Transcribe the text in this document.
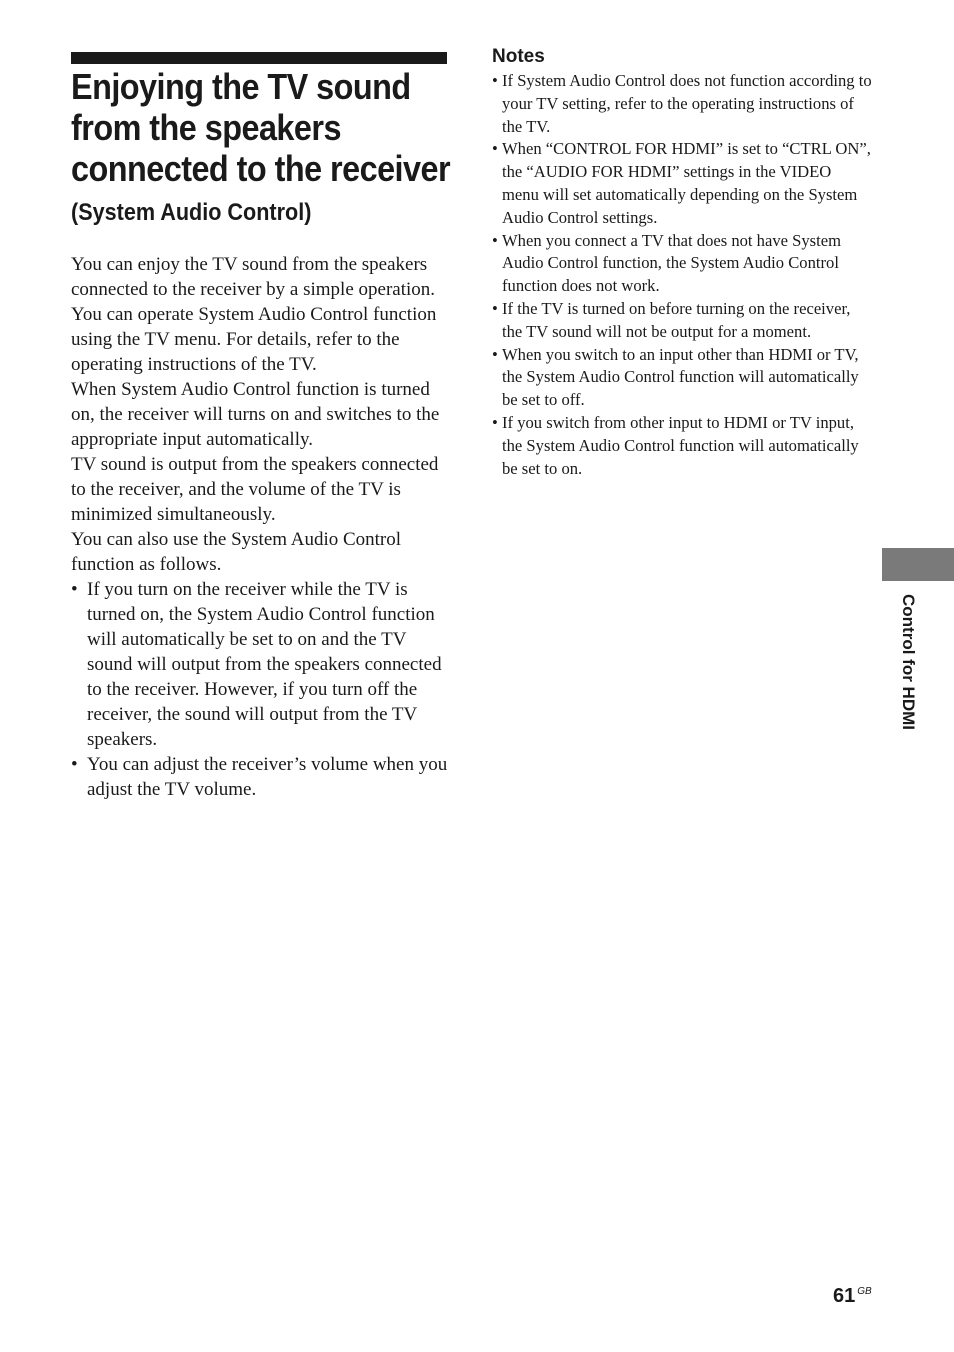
Enjoying the TV sound
from the speakers
connected to the receiver
(System Audio Control)

You can enjoy the TV sound from the speakers connected to the receiver by a simple operation.

You can operate System Audio Control function using the TV menu. For details, refer to the operating instructions of the TV.

When System Audio Control function is turned on, the receiver will turns on and switches to the appropriate input automatically.

TV sound is output from the speakers connected to the receiver, and the volume of the TV is minimized simultaneously.

You can also use the System Audio Control function as follows.

• If you turn on the receiver while the TV is turned on, the System Audio Control function will automatically be set to on and the TV sound will output from the speakers connected to the receiver. However, if you turn off the receiver, the sound will output from the TV speakers.
• You can adjust the receiver’s volume when you adjust the TV volume.
Notes
• If System Audio Control does not function according to your TV setting, refer to the operating instructions of the TV.
• When “CONTROL FOR HDMI” is set to “CTRL ON”, the “AUDIO FOR HDMI” settings in the VIDEO menu will set automatically depending on the System Audio Control settings.
• When you connect a TV that does not have System Audio Control function, the System Audio Control function does not work.
• If the TV is turned on before turning on the receiver, the TV sound will not be output for a moment.
• When you switch to an input other than HDMI or TV, the System Audio Control function will automatically be set to off.
• If you switch from other input to HDMI or TV input, the System Audio Control function will automatically be set to on.
Control for HDMI
61 $^{GB}$
